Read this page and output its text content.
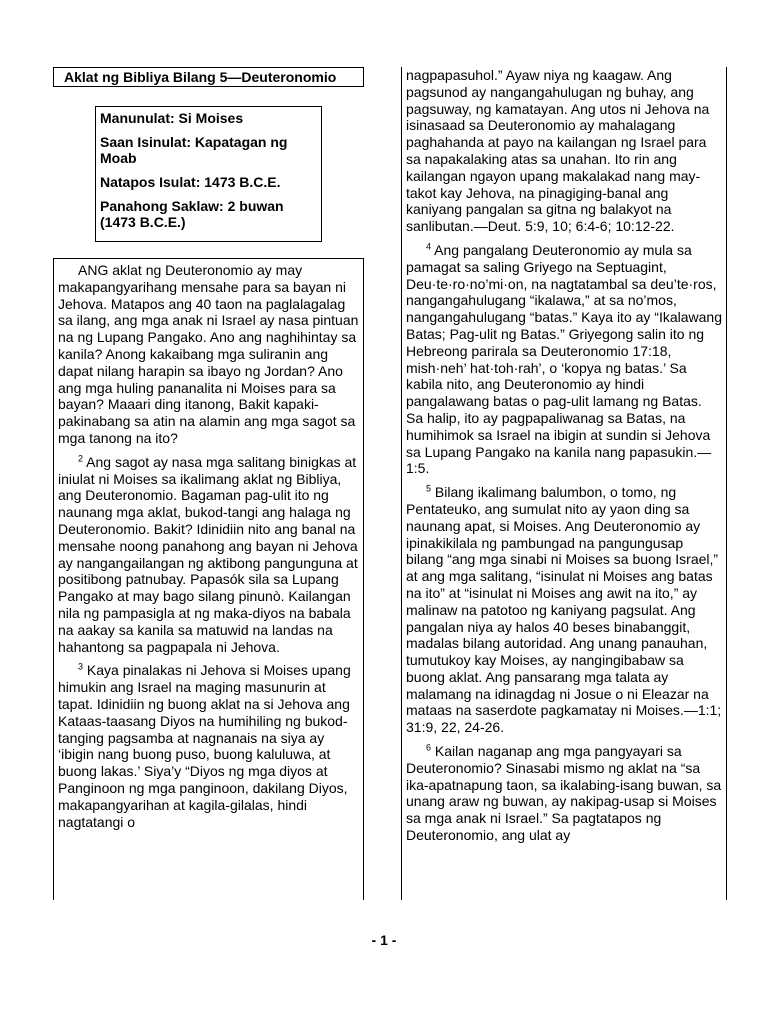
Aklat ng Bibliya Bilang 5—Deuteronomio
Manunulat: Si Moises
Saan Isinulat: Kapatagan ng Moab
Natapos Isulat: 1473 B.C.E.
Panahong Saklaw: 2 buwan (1473 B.C.E.)

ANG aklat ng Deuteronomio ay may makapangyarihang mensahe para sa bayan ni Jehova. Matapos ang 40 taon na paglalagalag sa ilang, ang mga anak ni Israel ay nasa pintuan na ng Lupang Pangako. Ano ang naghihintay sa kanila? Anong kakaibang mga suliranin ang dapat nilang harapin sa ibayo ng Jordan? Ano ang mga huling pananalita ni Moises para sa bayan? Maaari ding itanong, Bakit kapaki-pakinabang sa atin na alamin ang mga sagot sa mga tanong na ito?

$^2$ Ang sagot ay nasa mga salitang binigkas at iniulat ni Moises sa ikalimang aklat ng Bibliya, ang Deuteronomio. Bagaman pag-ulit ito ng naunang mga aklat, bukod-tangi ang halaga ng Deuteronomio. Bakit? Idinidiin nito ang banal na mensahe noong panahong ang bayan ni Jehova ay nangangailangan ng aktibong pangunguna at positibong patnubay. Papasók sila sa Lupang Pangako at may bago silang pinunò. Kailangan nila ng pampasigla at ng maka-diyos na babala na aakay sa kanila sa matuwid na landas na hahantong sa pagpapala ni Jehova.

$^3$ Kaya pinalakas ni Jehova si Moises upang himukin ang Israel na maging masunurin at tapat. Idinidiin ng buong aklat na si Jehova ang Kataas-taasang Diyos na humihiling ng bukod-tanging pagsamba at nagnanais na siya ay ‘ibigin nang buong puso, buong kaluluwa, at buong lakas.’ Siya’y “Diyos ng mga diyos at Panginoon ng mga panginoon, dakilang Diyos, makapangyarihan at kagila-gilalas, hindi nagtatangi o

nagpapasuhol.” Ayaw niya ng kaagaw. Ang pagsunod ay nangangahulugan ng buhay, ang pagsuway, ng kamatayan. Ang utos ni Jehova na isinasaad sa Deuteronomio ay mahalagang paghahanda at payo na kailangan ng Israel para sa napakalaking atas sa unahan. Ito rin ang kailangan ngayon upang makalakad nang may-takot kay Jehova, na pinagiging-banal ang kaniyang pangalan sa gitna ng balakyot na sanlibutan.—Deut. 5:9, 10; 6:4-6; 10:12-22.

$^4$ Ang pangalang Deuteronomio ay mula sa pamagat sa saling Griyego na Septuagint, Deu·te·ro·no’mi·on, na nagtatambal sa deu’te·ros, nangangahulugang “ikalawa,” at sa no’mos, nangangahulugang “batas.” Kaya ito ay “Ikalawang Batas; Pag-ulit ng Batas.” Griyegong salin ito ng Hebreong parirala sa Deuteronomio 17:18, mish·neh’ hat·toh·rah’, o ‘kopya ng batas.’ Sa kabila nito, ang Deuteronomio ay hindi pangalawang batas o pag-ulit lamang ng Batas. Sa halip, ito ay pagpapaliwanag sa Batas, na humihimok sa Israel na ibigin at sundin si Jehova sa Lupang Pangako na kanila nang papasukin.—1:5.

$^5$ Bilang ikalimang balumbon, o tomo, ng Pentateuko, ang sumulat nito ay yaon ding sa naunang apat, si Moises. Ang Deuteronomio ay ipinakikilala ng pambungad na pangungusap bilang “ang mga sinabi ni Moises sa buong Israel,” at ang mga salitang, “isinulat ni Moises ang batas na ito” at “isinulat ni Moises ang awit na ito,” ay malinaw na patotoo ng kaniyang pagsulat. Ang pangalan niya ay halos 40 beses binabanggit, madalas bilang autoridad. Ang unang panauhan, tumutukoy kay Moises, ay nangingibabaw sa buong aklat. Ang pansarang mga talata ay malamang na idinagdag ni Josue o ni Eleazar na mataas na saserdote pagkamatay ni Moises.—1:1; 31:9, 22, 24-26.

$^6$ Kailan naganap ang mga pangyayari sa Deuteronomio? Sinasabi mismo ng aklat na “sa ika-apatnapung taon, sa ikalabing-isang buwan, sa unang araw ng buwan, ay nakipag-usap si Moises sa mga anak ni Israel.” Sa pagtatapos ng Deuteronomio, ang ulat ay

- 1 -
